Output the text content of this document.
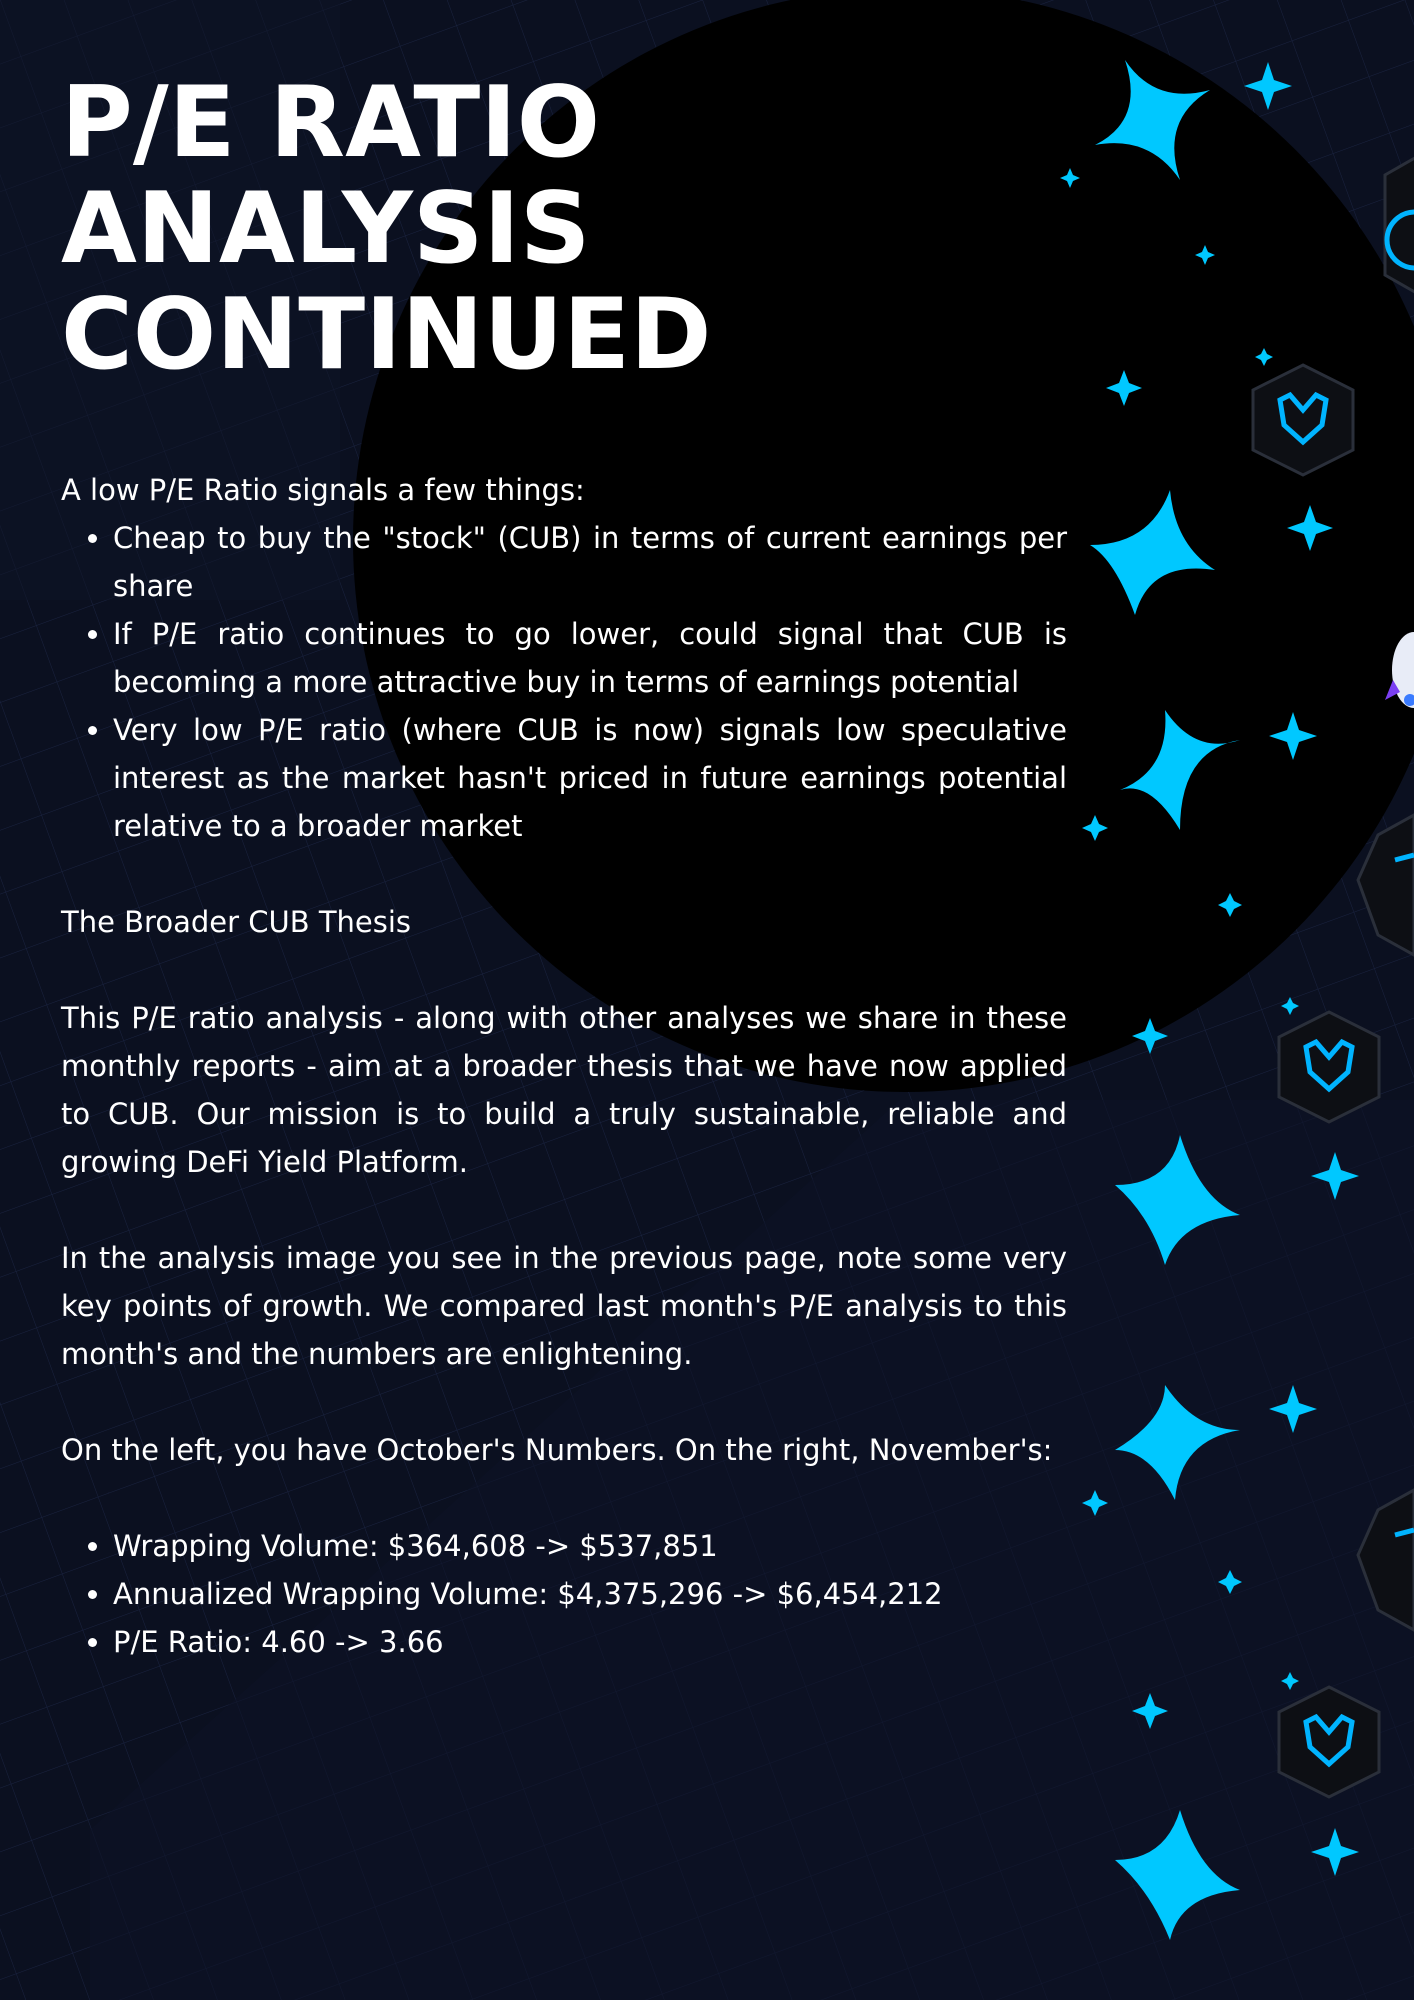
P/E RATIO ANALYSIS
CONTINUED

A low P/E Ratio signals a few things:

• Cheap to buy the "stock" (CUB) in terms of current earnings per share
• If P/E ratio continues to go lower, could signal that CUB is becoming a more attractive buy in terms of earnings potential
• Very low P/E ratio (where CUB is now) signals low speculative interest as the market hasn't priced in future earnings potential relative to a broader market

The Broader CUB Thesis

This P/E ratio analysis - along with other analyses we share in these monthly reports - aim at a broader thesis that we have now applied to CUB. Our mission is to build a truly sustainable, reliable and growing DeFi Yield Platform.

In the analysis image you see in the previous page, note some very key points of growth. We compared last month's P/E analysis to this month's and the numbers are enlightening.

On the left, you have October's Numbers. On the right, November's:

• Wrapping Volume: $364,608 -> $537,851
• Annualized Wrapping Volume: $4,375,296 -> $6,454,212
• P/E Ratio: 4.60 -> 3.66
